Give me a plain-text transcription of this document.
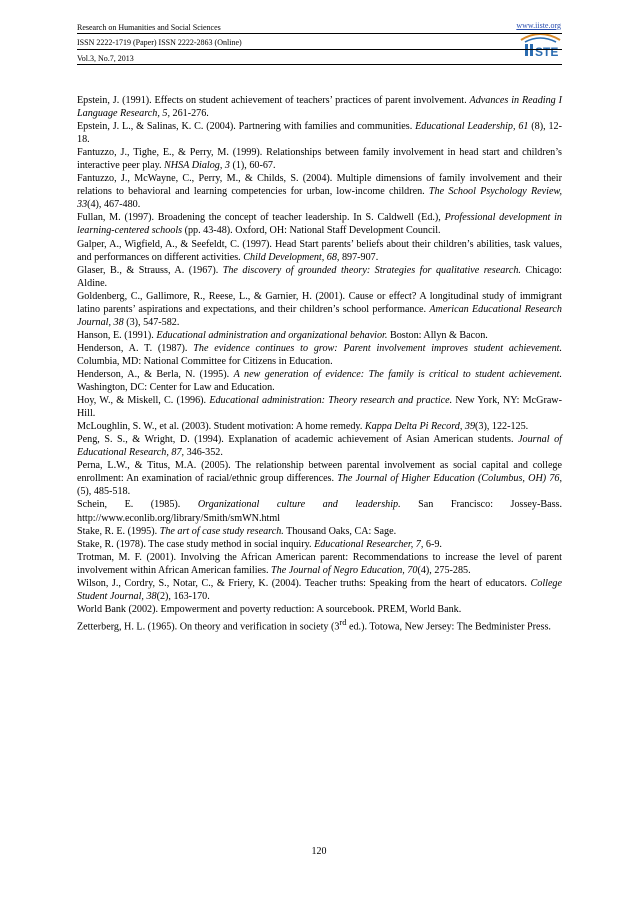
Research on Humanities and Social Sciences
ISSN 2222-1719 (Paper) ISSN 2222-2863 (Online)
Vol.3, No.7, 2013
www.iiste.org
STE

Epstein, J. (1991). Effects on student achievement of teachers’ practices of parent involvement. Advances in Reading I Language Research, 5, 261-276.

Epstein, J. L., & Salinas, K. C. (2004). Partnering with families and communities. Educational Leadership, 61 (8), 12-18.

Fantuzzo, J., Tighe, E., & Perry, M. (1999). Relationships between family involvement in head start and children’s interactive peer play. NHSA Dialog, 3 (1), 60-67.

Fantuzzo, J., McWayne, C., Perry, M., & Childs, S. (2004). Multiple dimensions of family involvement and their relations to behavioral and learning competencies for urban, low-income children. The School Psychology Review, 33(4), 467-480.

Fullan, M. (1997). Broadening the concept of teacher leadership. In S. Caldwell (Ed.), Professional development in learning-centered schools (pp. 43-48). Oxford, OH: National Staff Development Council.

Galper, A., Wigfield, A., & Seefeldt, C. (1997). Head Start parents’ beliefs about their children’s abilities, task values, and performances on different activities. Child Development, 68, 897-907.

Glaser, B., & Strauss, A. (1967). The discovery of grounded theory: Strategies for qualitative research. Chicago: Aldine.

Goldenberg, C., Gallimore, R., Reese, L., & Garnier, H. (2001). Cause or effect? A longitudinal study of immigrant latino parents’ aspirations and expectations, and their children’s school performance. American Educational Research Journal, 38 (3), 547-582.

Hanson, E. (1991). Educational administration and organizational behavior. Boston: Allyn & Bacon.

Henderson, A. T. (1987). The evidence continues to grow: Parent involvement improves student achievement. Columbia, MD: National Committee for Citizens in Education.

Henderson, A., & Berla, N. (1995). A new generation of evidence: The family is critical to student achievement. Washington, DC: Center for Law and Education.

Hoy, W., & Miskell, C. (1996). Educational administration: Theory research and practice. New York, NY: McGraw-Hill.

McLoughlin, S. W., et al. (2003). Student motivation: A home remedy. Kappa Delta Pi Record, 39(3), 122-125.

Peng, S. S., & Wright, D. (1994). Explanation of academic achievement of Asian American students. Journal of Educational Research, 87, 346-352.

Perna, L.W., & Titus, M.A. (2005). The relationship between parental involvement as social capital and college enrollment: An examination of racial/ethnic group differences. The Journal of Higher Education (Columbus, OH) 76, (5), 485-518.

Schein, E. (1985). Organizational culture and leadership. San Francisco: Jossey-Bass. http://www.econlib.org/library/Smith/smWN.html

Stake, R. E. (1995). The art of case study research. Thousand Oaks, CA: Sage.

Stake, R. (1978). The case study method in social inquiry. Educational Researcher, 7, 6-9.

Trotman, M. F. (2001). Involving the African American parent: Recommendations to increase the level of parent involvement within African American families. The Journal of Negro Education, 70(4), 275-285.

Wilson, J., Cordry, S., Notar, C., & Friery, K. (2004). Teacher truths: Speaking from the heart of educators. College Student Journal, 38(2), 163-170.

World Bank (2002). Empowerment and poverty reduction: A sourcebook. PREM, World Bank.

Zetterberg, H. L. (1965). On theory and verification in society (3rd ed.). Totowa, New Jersey: The Bedminister Press.

120
